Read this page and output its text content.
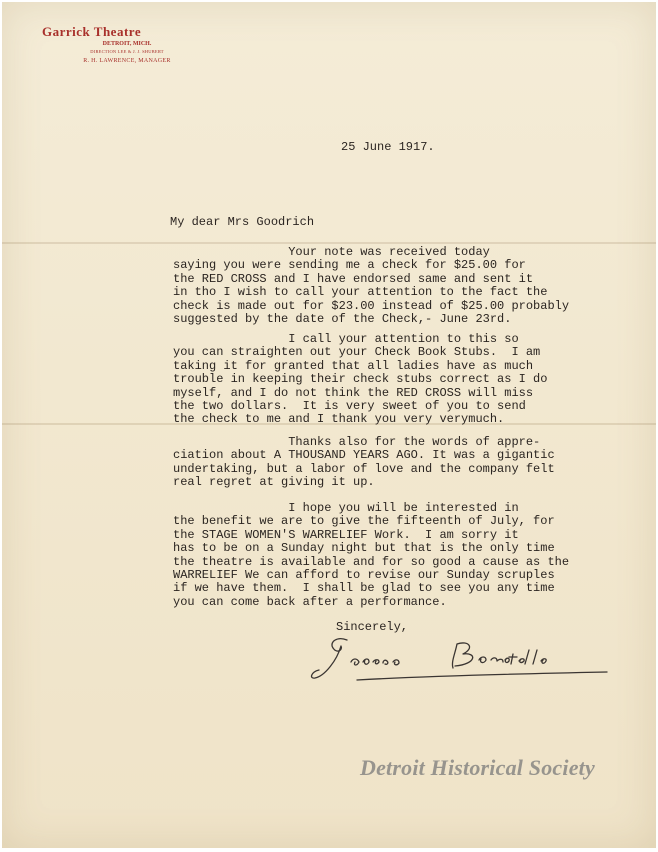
Garrick Theatre
DETROIT, MICH.
DIRECTION LEE & J. J. SHUBERT
R. H. LAWRENCE, MANAGER
25 June 1917.
My dear Mrs Goodrich
Your note was received today
saying you were sending me a check for $25.00 for
the RED CROSS and I have endorsed same and sent it
in tho I wish to call your attention to the fact the
check is made out for $23.00 instead of $25.00 probably
suggested by the date of the Check,- June 23rd.
I call your attention to this so
you can straighten out your Check Book Stubs.  I am
taking it for granted that all ladies have as much
trouble in keeping their check stubs correct as I do
myself, and I do not think the RED CROSS will miss
the two dollars.  It is very sweet of you to send
the check to me and I thank you very verymuch.
Thanks also for the words of appre-
ciation about A THOUSAND YEARS AGO. It was a gigantic
undertaking, but a labor of love and the company felt
real regret at giving it up.
I hope you will be interested in
the benefit we are to give the fifteenth of July, for
the STAGE WOMEN'S WARRELIEF Work.  I am sorry it
has to be on a Sunday night but that is the only time
the theatre is available and for so good a cause as the
WARRELIEF We can afford to revise our Sunday scruples
if we have them.  I shall be glad to see you any time
you can come back after a performance.
Sincerely,
Detroit Historical Society
